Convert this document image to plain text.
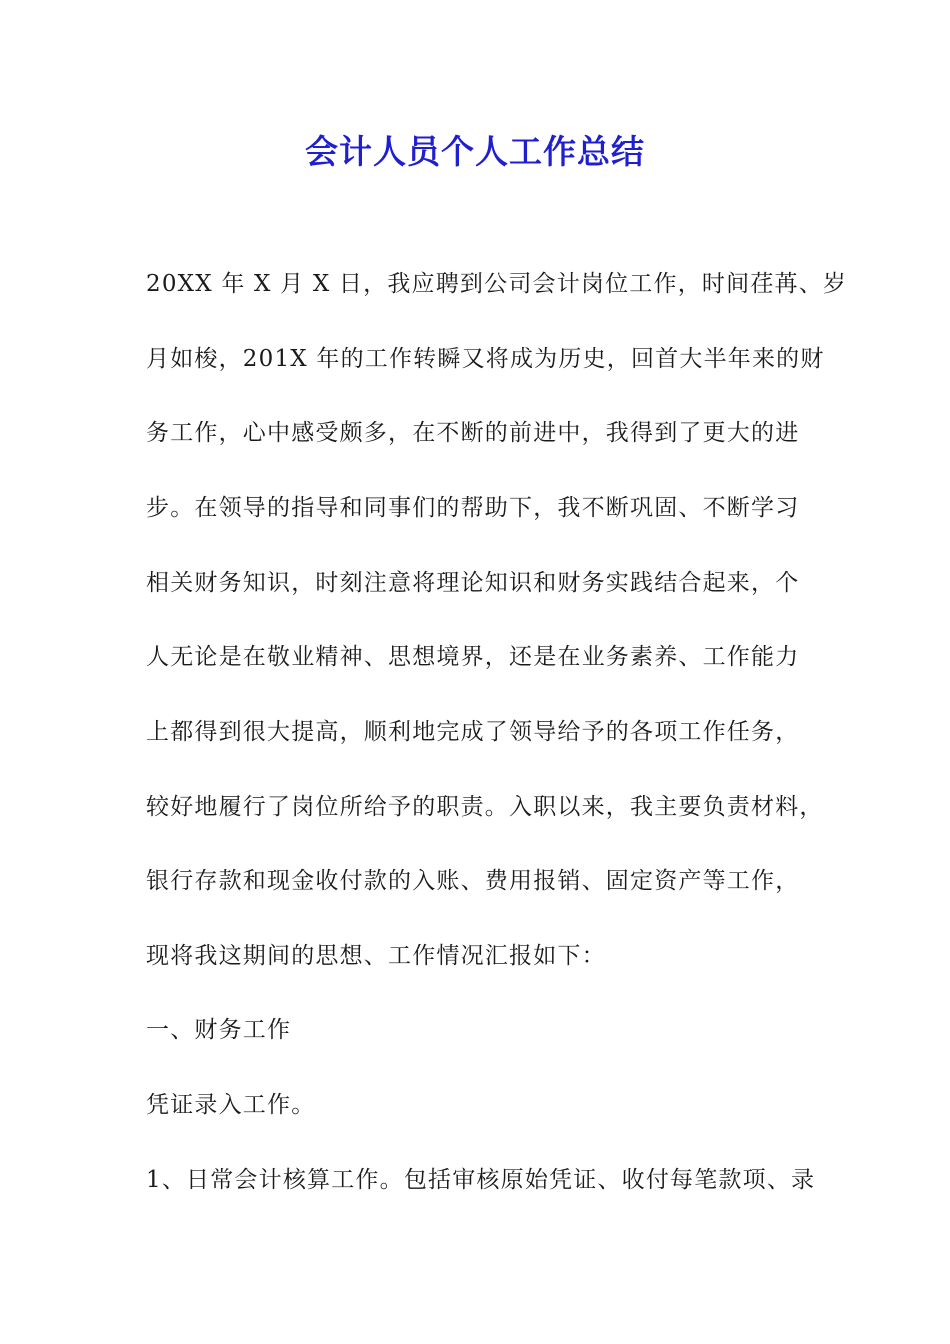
会计人员个人工作总结
20XX 年 X 月 X 日，我应聘到公司会计岗位工作，时间荏苒、岁
月如梭，201X 年的工作转瞬又将成为历史，回首大半年来的财
务工作，心中感受颇多，在不断的前进中，我得到了更大的进
步。在领导的指导和同事们的帮助下，我不断巩固、不断学习
相关财务知识，时刻注意将理论知识和财务实践结合起来，个
人无论是在敬业精神、思想境界，还是在业务素养、工作能力
上都得到很大提高，顺利地完成了领导给予的各项工作任务，
较好地履行了岗位所给予的职责。入职以来，我主要负责材料，
银行存款和现金收付款的入账、费用报销、固定资产等工作，
现将我这期间的思想、工作情况汇报如下：
一、财务工作
凭证录入工作。
1、日常会计核算工作。包括审核原始凭证、收付每笔款项、录
